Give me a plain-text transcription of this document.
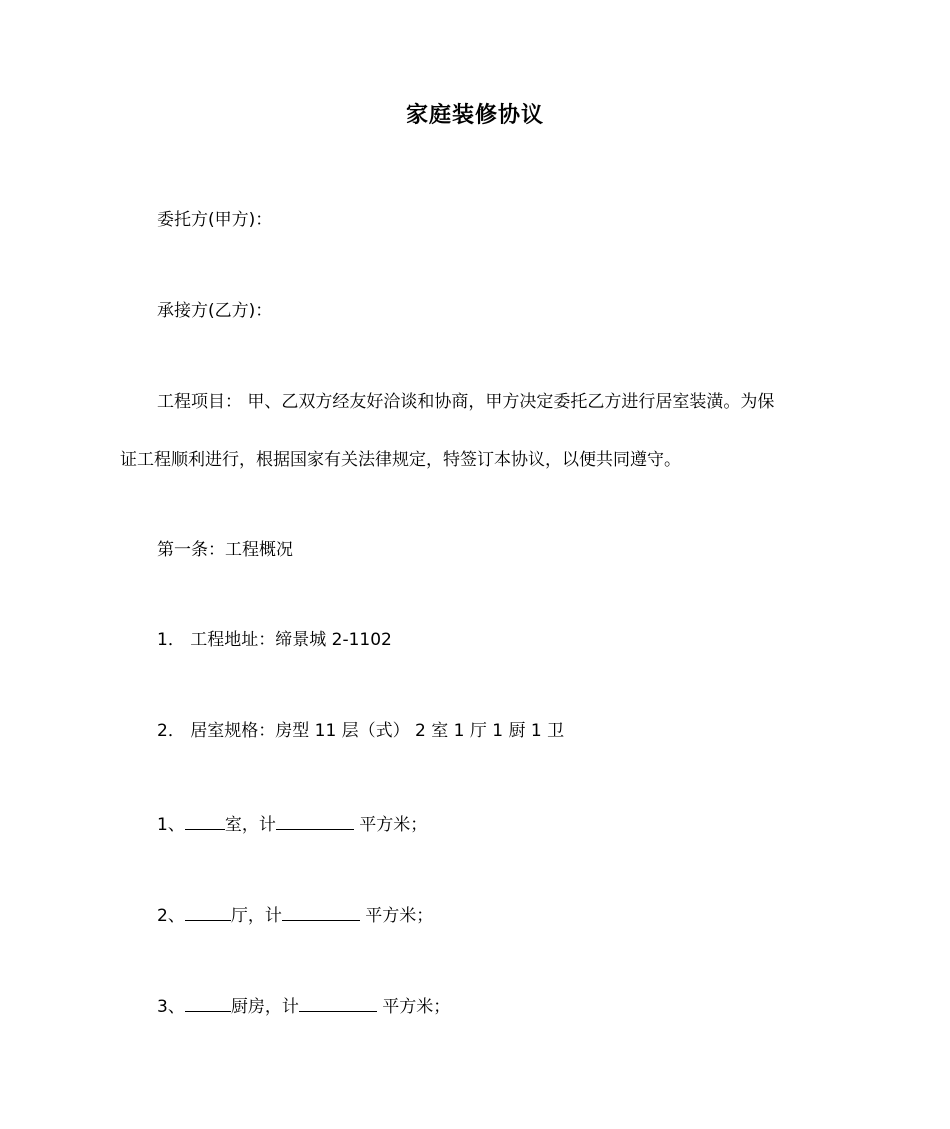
家庭装修协议
委托方(甲方)：
承接方(乙方)：
工程项目： 甲、乙双方经友好洽谈和协商，甲方决定委托乙方进行居室装潢。为保
证工程顺利进行，根据国家有关法律规定，特签订本协议，以便共同遵守。
第一条：工程概况
1． 工程地址：缔景城 2-1102
2． 居室规格：房型 11 层（式） 2 室 1 厅 1 厨 1 卫
1、 室，计	平方米；
2、	厅，计	平方米；
3、	厨房，计	平方米；
